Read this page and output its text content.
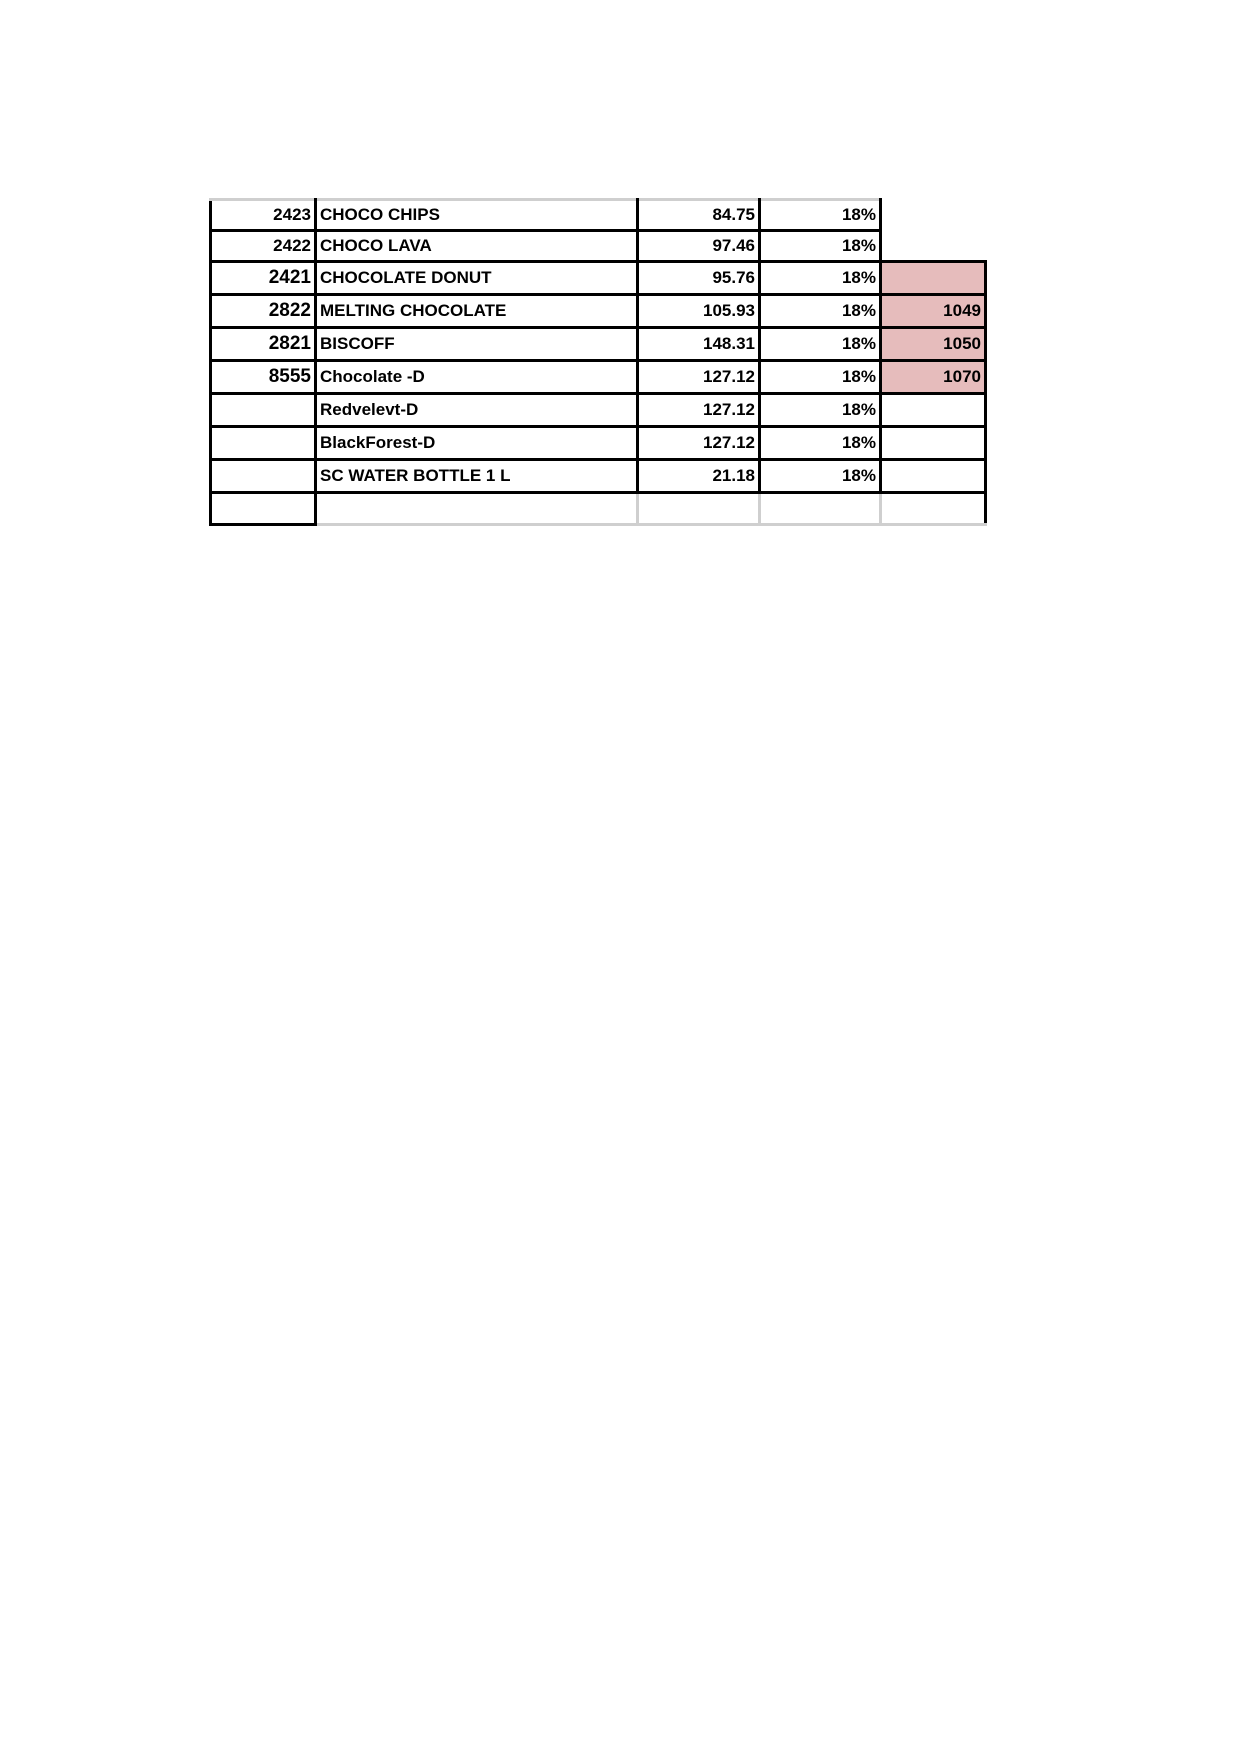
2423	CHOCO CHIPS	84.75	18%	
2422	CHOCO LAVA	97.46	18%	
2421	CHOCOLATE DONUT	95.76	18%	
2822	MELTING CHOCOLATE	105.93	18%	1049
2821	BISCOFF	148.31	18%	1050
8555	Chocolate -D	127.12	18%	1070
	Redvelevt-D	127.12	18%	
	BlackForest-D	127.12	18%	
	SC WATER BOTTLE 1 L	21.18	18%	
